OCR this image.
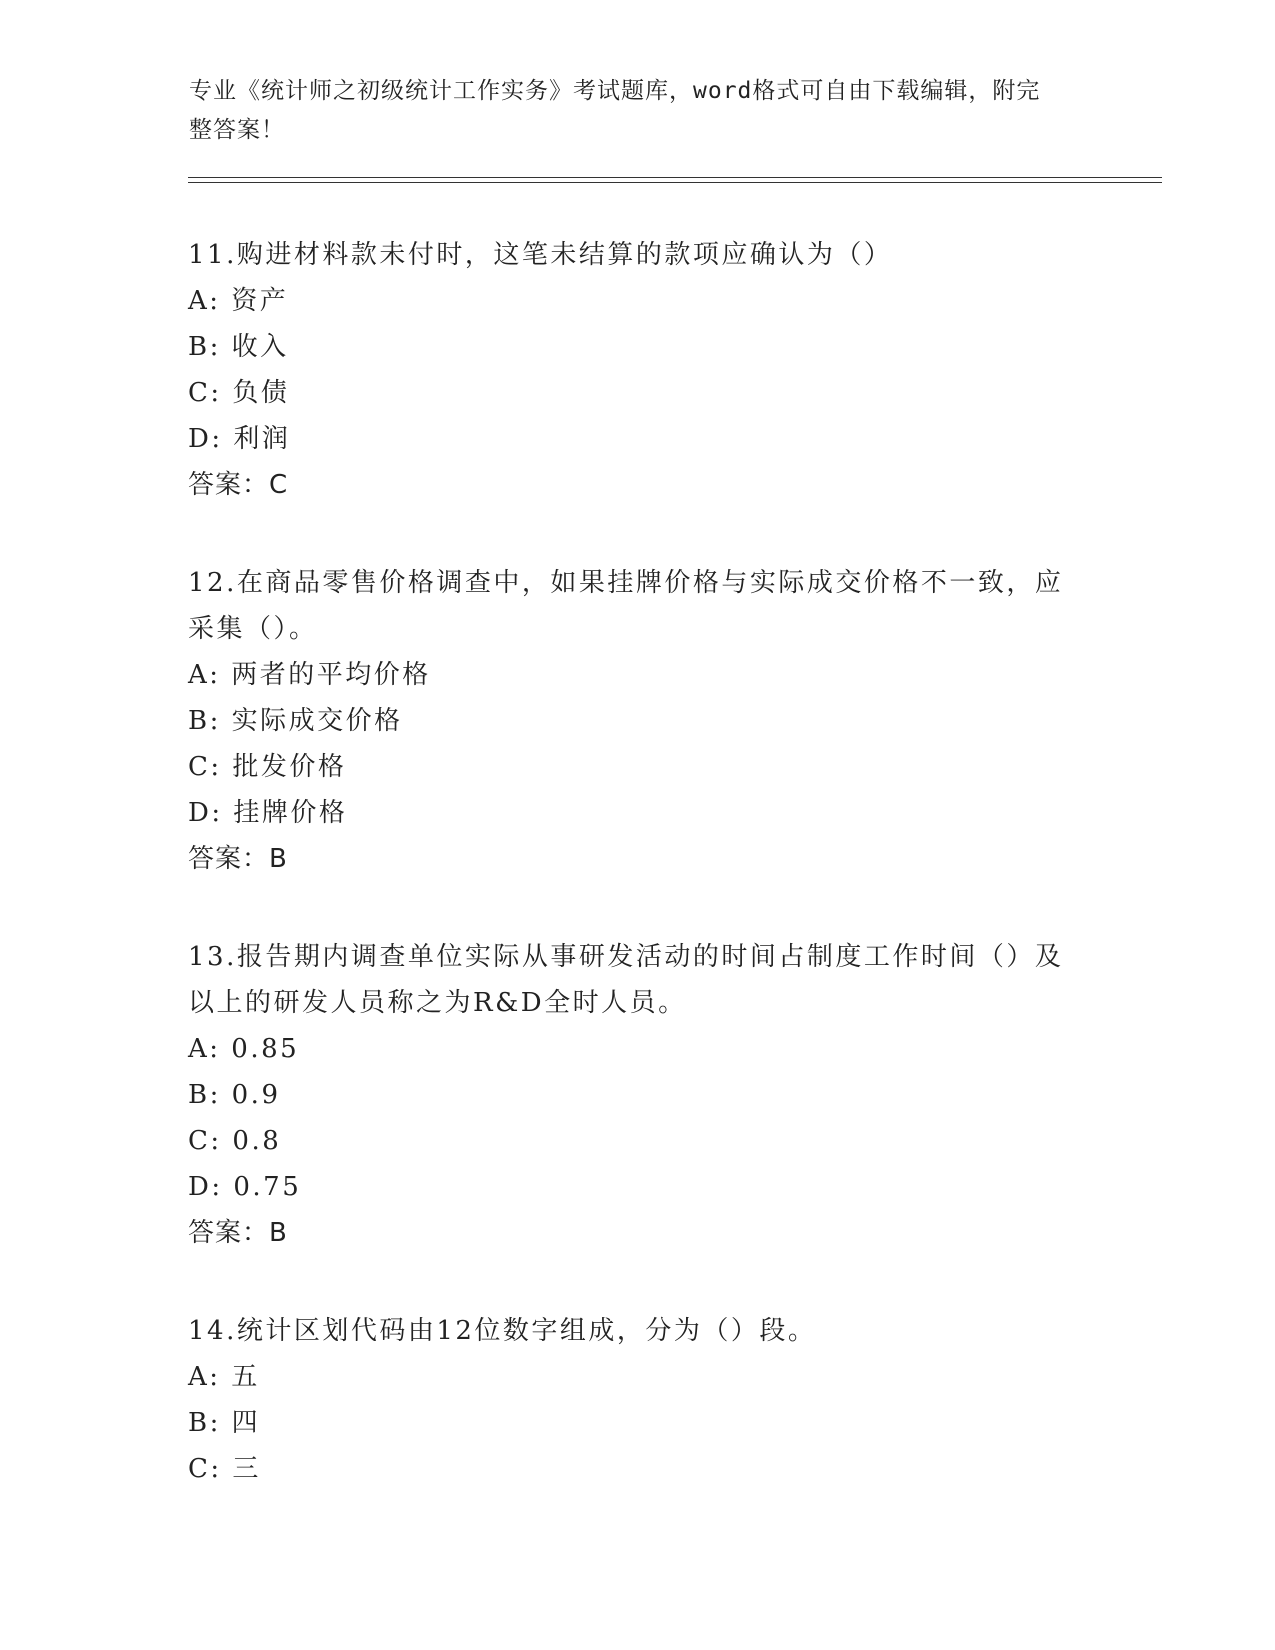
专业《统计师之初级统计工作实务》考试题库，word格式可自由下载编辑，附完
整答案！
11.购进材料款未付时，这笔未结算的款项应确认为（）
A: 资产
B: 收入
C: 负债
D: 利润
答案：C
12.在商品零售价格调查中，如果挂牌价格与实际成交价格不一致，应
采集（）。
A: 两者的平均价格
B: 实际成交价格
C: 批发价格
D: 挂牌价格
答案：B
13.报告期内调查单位实际从事研发活动的时间占制度工作时间（）及
以上的研发人员称之为R&D全时人员。
A: 0.85
B: 0.9
C: 0.8
D: 0.75
答案：B
14.统计区划代码由12位数字组成，分为（）段。
A: 五
B: 四
C: 三
